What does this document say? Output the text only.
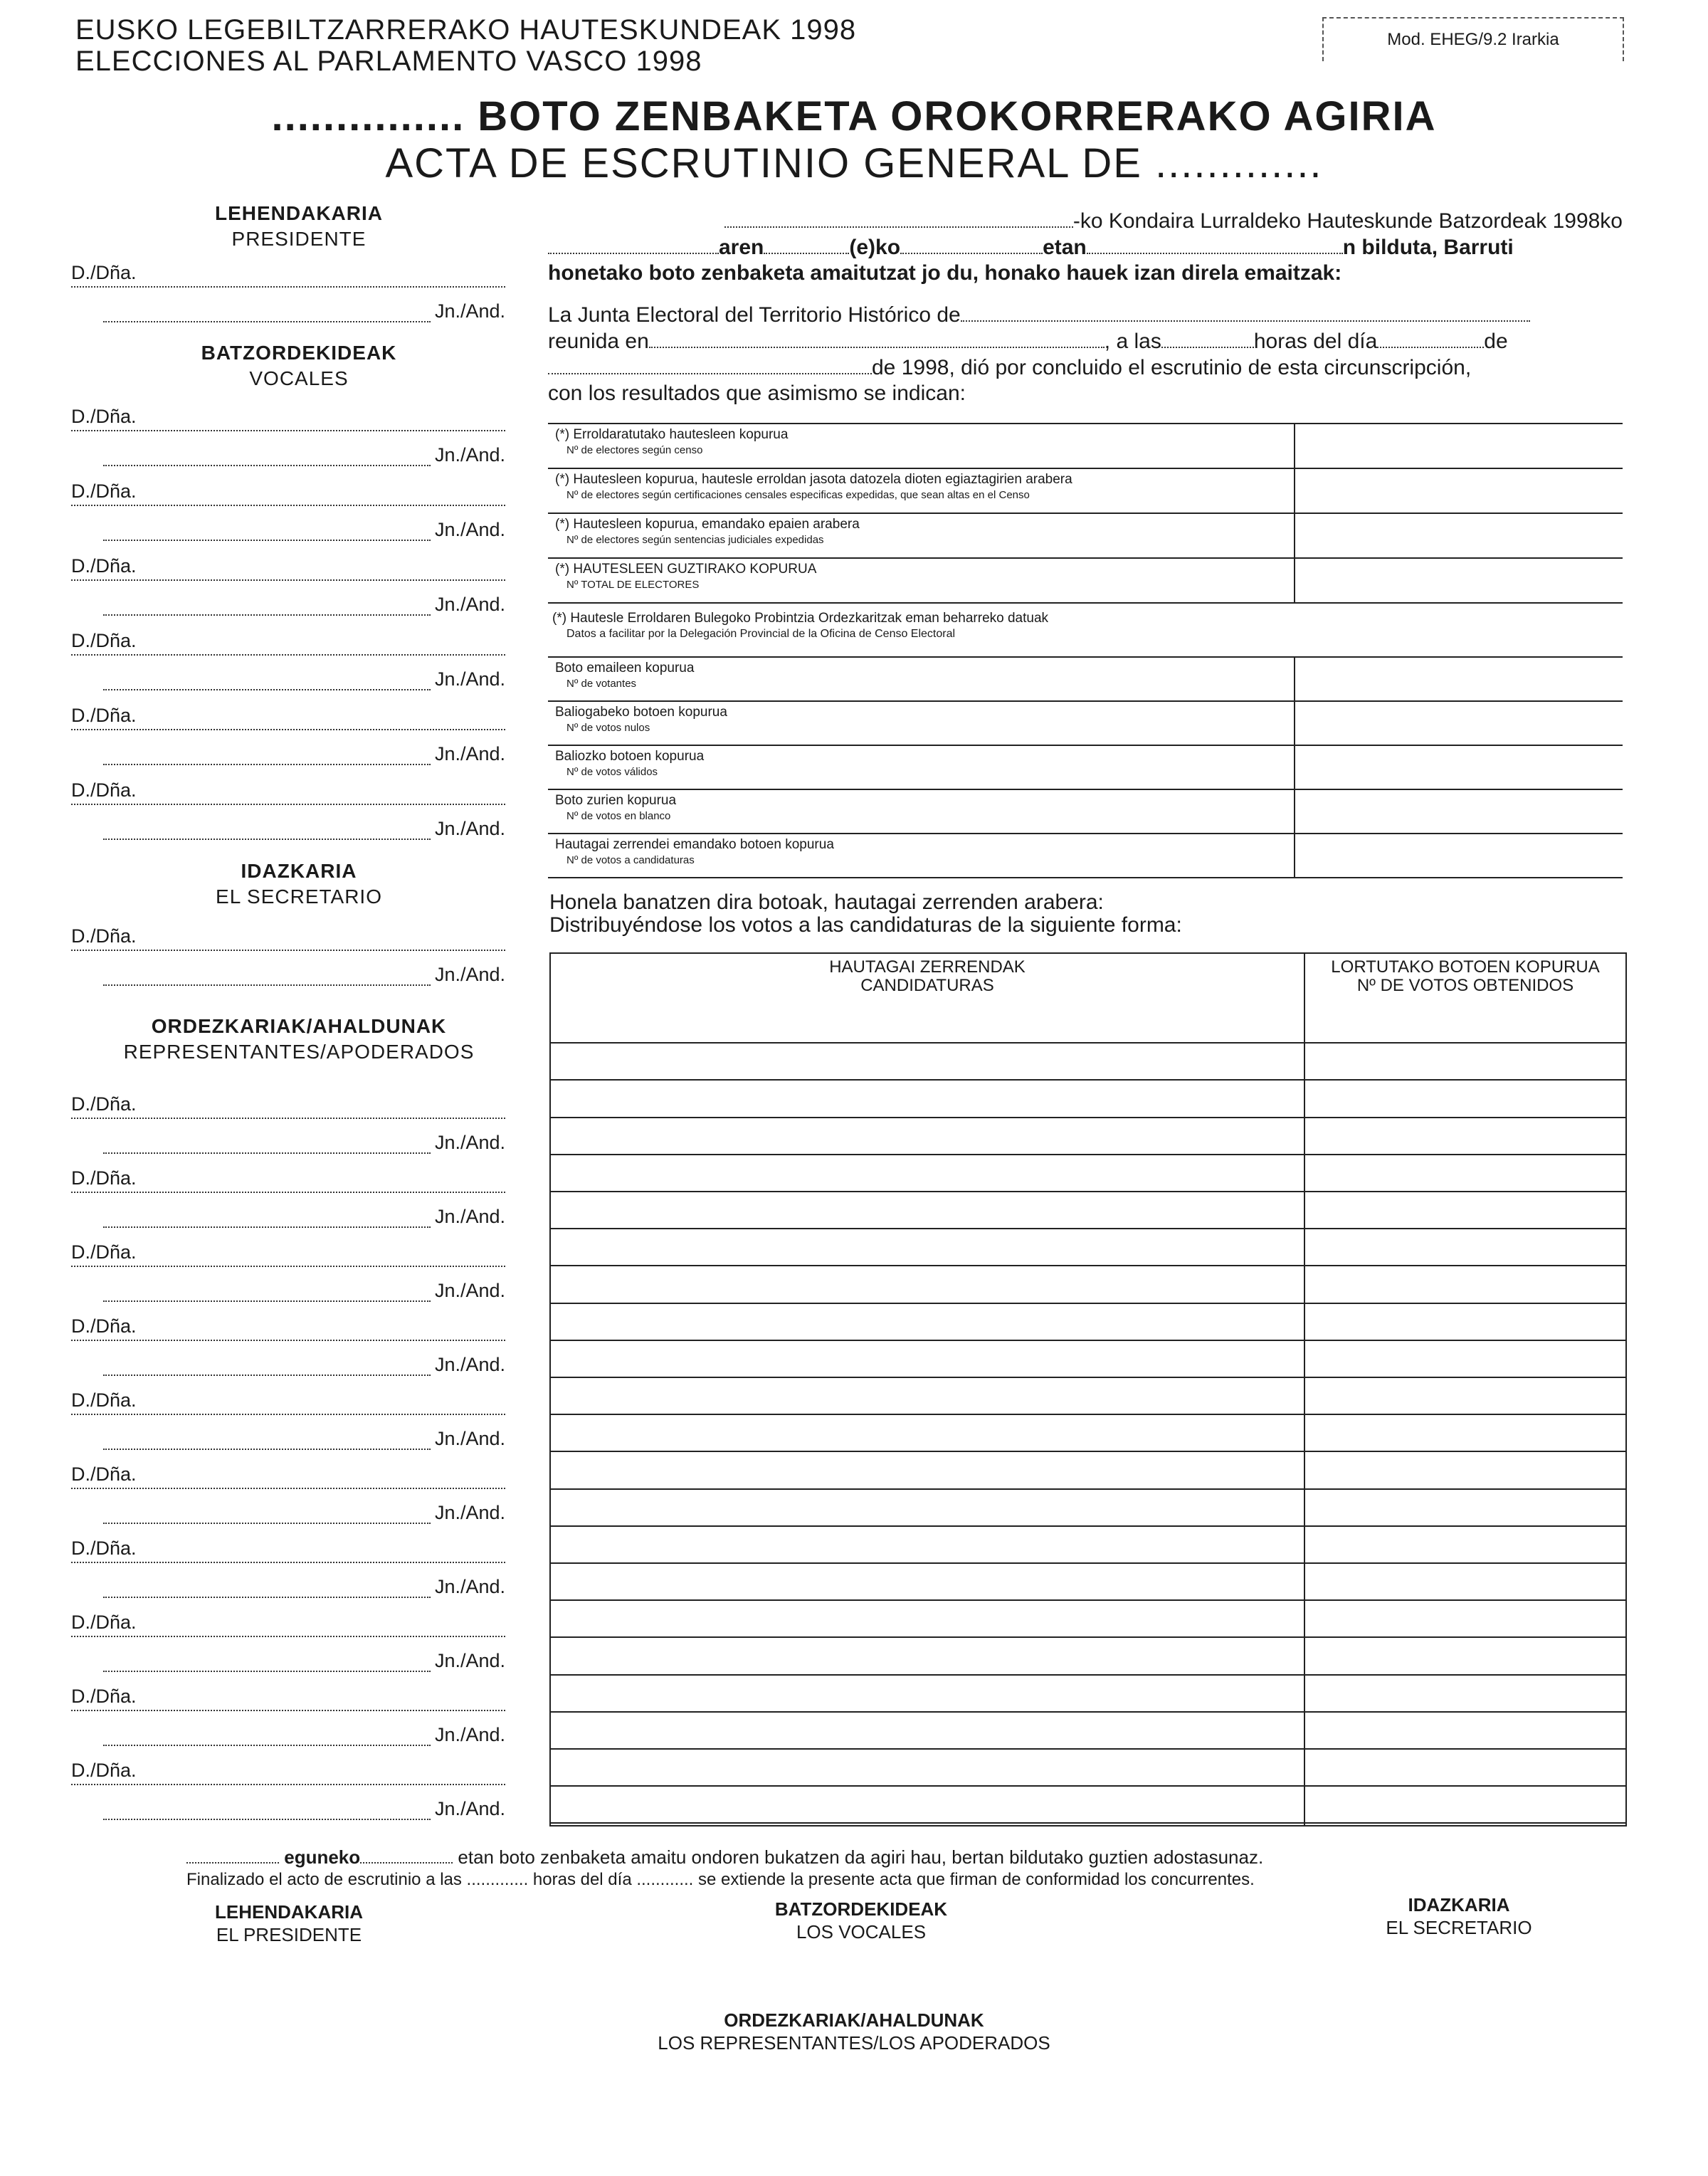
EUSKO LEGEBILTZARRERAKO HAUTESKUNDEAK 1998
ELECCIONES AL PARLAMENTO VASCO 1998
Mod. EHEG/9.2 Irarkia
............... BOTO ZENBAKETA OROKORRERAKO AGIRIA
ACTA DE ESCRUTINIO GENERAL DE .............
LEHENDAKARIA
PRESIDENTE
D./Dña.
Jn./And.
BATZORDEKIDEAK
VOCALES
D./Dña.
Jn./And.
D./Dña.
Jn./And.
D./Dña.
Jn./And.
D./Dña.
Jn./And.
D./Dña.
Jn./And.
D./Dña.
Jn./And.
IDAZKARIA
EL SECRETARIO
D./Dña.
Jn./And.
ORDEZKARIAK/AHALDUNAK
REPRESENTANTES/APODERADOS
D./Dña.
Jn./And.
D./Dña.
Jn./And.
D./Dña.
Jn./And.
D./Dña.
Jn./And.
D./Dña.
Jn./And.
D./Dña.
Jn./And.
D./Dña.
Jn./And.
D./Dña.
Jn./And.
D./Dña.
Jn./And.
D./Dña.
Jn./And.
-ko Kondaira Lurraldeko Hauteskunde Batzordeak 1998ko
aren	(e)ko	etan	n bilduta, Barruti
honetako boto zenbaketa amaitutzat jo du, honako hauek izan direla emaitzak:
La Junta Electoral del Territorio Histórico de
reunida en	, a las	horas del día	de
de 1998, dió por concluido el escrutinio de esta circunscripción,
con los resultados que asimismo se indican:
(*) Erroldaratutako hautesleen kopurua
Nº de electores según censo
(*) Hautesleen kopurua, hautesle erroldan jasota datozela dioten egiaztagirien arabera
Nº de electores según certificaciones censales especificas expedidas, que sean altas en el Censo
(*) Hautesleen kopurua, emandako epaien arabera
Nº de electores según sentencias judiciales expedidas
(*) HAUTESLEEN GUZTIRAKO KOPURUA
Nº TOTAL DE ELECTORES
(*) Hautesle Erroldaren Bulegoko Probintzia Ordezkaritzak eman beharreko datuak
Datos a facilitar por la Delegación Provincial de la Oficina de Censo Electoral
Boto emaileen kopurua
Nº de votantes
Baliogabeko botoen kopurua
Nº de votos nulos
Baliozko botoen kopurua
Nº de votos válidos
Boto zurien kopurua
Nº de votos en blanco
Hautagai zerrendei emandako botoen kopurua
Nº de votos a candidaturas
Honela banatzen dira botoak, hautagai zerrenden arabera:
Distribuyéndose los votos a las candidaturas de la siguiente forma:
HAUTAGAI ZERRENDAK
CANDIDATURAS
LORTUTAKO BOTOEN KOPURUA
Nº DE VOTOS OBTENIDOS
eguneko	etan boto zenbaketa amaitu ondoren bukatzen da agiri hau, bertan bildutako guztien adostasunaz.
Finalizado el acto de escrutinio a las ............. horas del día ............ se extiende la presente acta que firman de conformidad los concurrentes.
LEHENDAKARIA
EL PRESIDENTE
BATZORDEKIDEAK
LOS VOCALES
IDAZKARIA
EL SECRETARIO
ORDEZKARIAK/AHALDUNAK
LOS REPRESENTANTES/LOS APODERADOS
